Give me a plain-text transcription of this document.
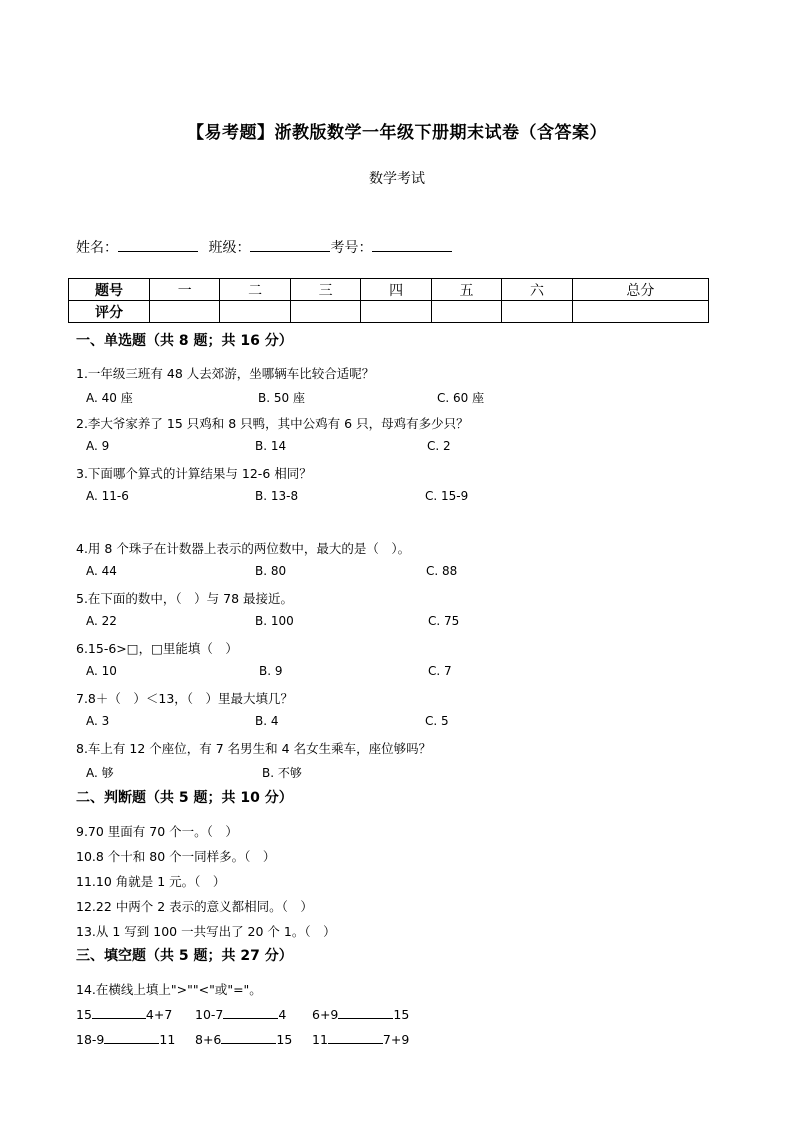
【易考题】浙教版数学一年级下册期末试卷（含答案）
数学考试
姓名：	班级：	考号：
题号	一	二	三	四	五	六	总分
评分							
一、单选题（共 8 题；共 16 分）
1.一年级三班有 48 人去郊游，坐哪辆车比较合适呢？
A. 40 座	B. 50 座	C. 60 座
2.李大爷家养了 15 只鸡和 8 只鸭，其中公鸡有 6 只，母鸡有多少只？
A. 9	B. 14	C. 2
3.下面哪个算式的计算结果与 12-6 相同？
A. 11-6	B. 13-8	C. 15-9
4.用 8 个珠子在计数器上表示的两位数中，最大的是（　）。
A. 44	B. 80	C. 88
5.在下面的数中，（　）与 78 最接近。
A. 22	B. 100	C. 75
6.15-6>□，□里能填（　）
A. 10	B. 9	C. 7
7.8＋（　）＜13，（　）里最大填几？
A. 3	B. 4	C. 5
8.车上有 12 个座位，有 7 名男生和 4 名女生乘车，座位够吗？
A. 够	B. 不够
二、判断题（共 5 题；共 10 分）
9.70 里面有 70 个一。（　）
10.8 个十和 80 个一同样多。（　）
11.10 角就是 1 元。（　）
12.22 中两个 2 表示的意义都相同。（　）
13.从 1 写到 100 一共写出了 20 个 1。（　）
三、填空题（共 5 题；共 27 分）
14.在横线上填上">""<"或"="。
15	4+7 10-7	4 6+9	15
18-9	11 8+6	15 11	7+9
